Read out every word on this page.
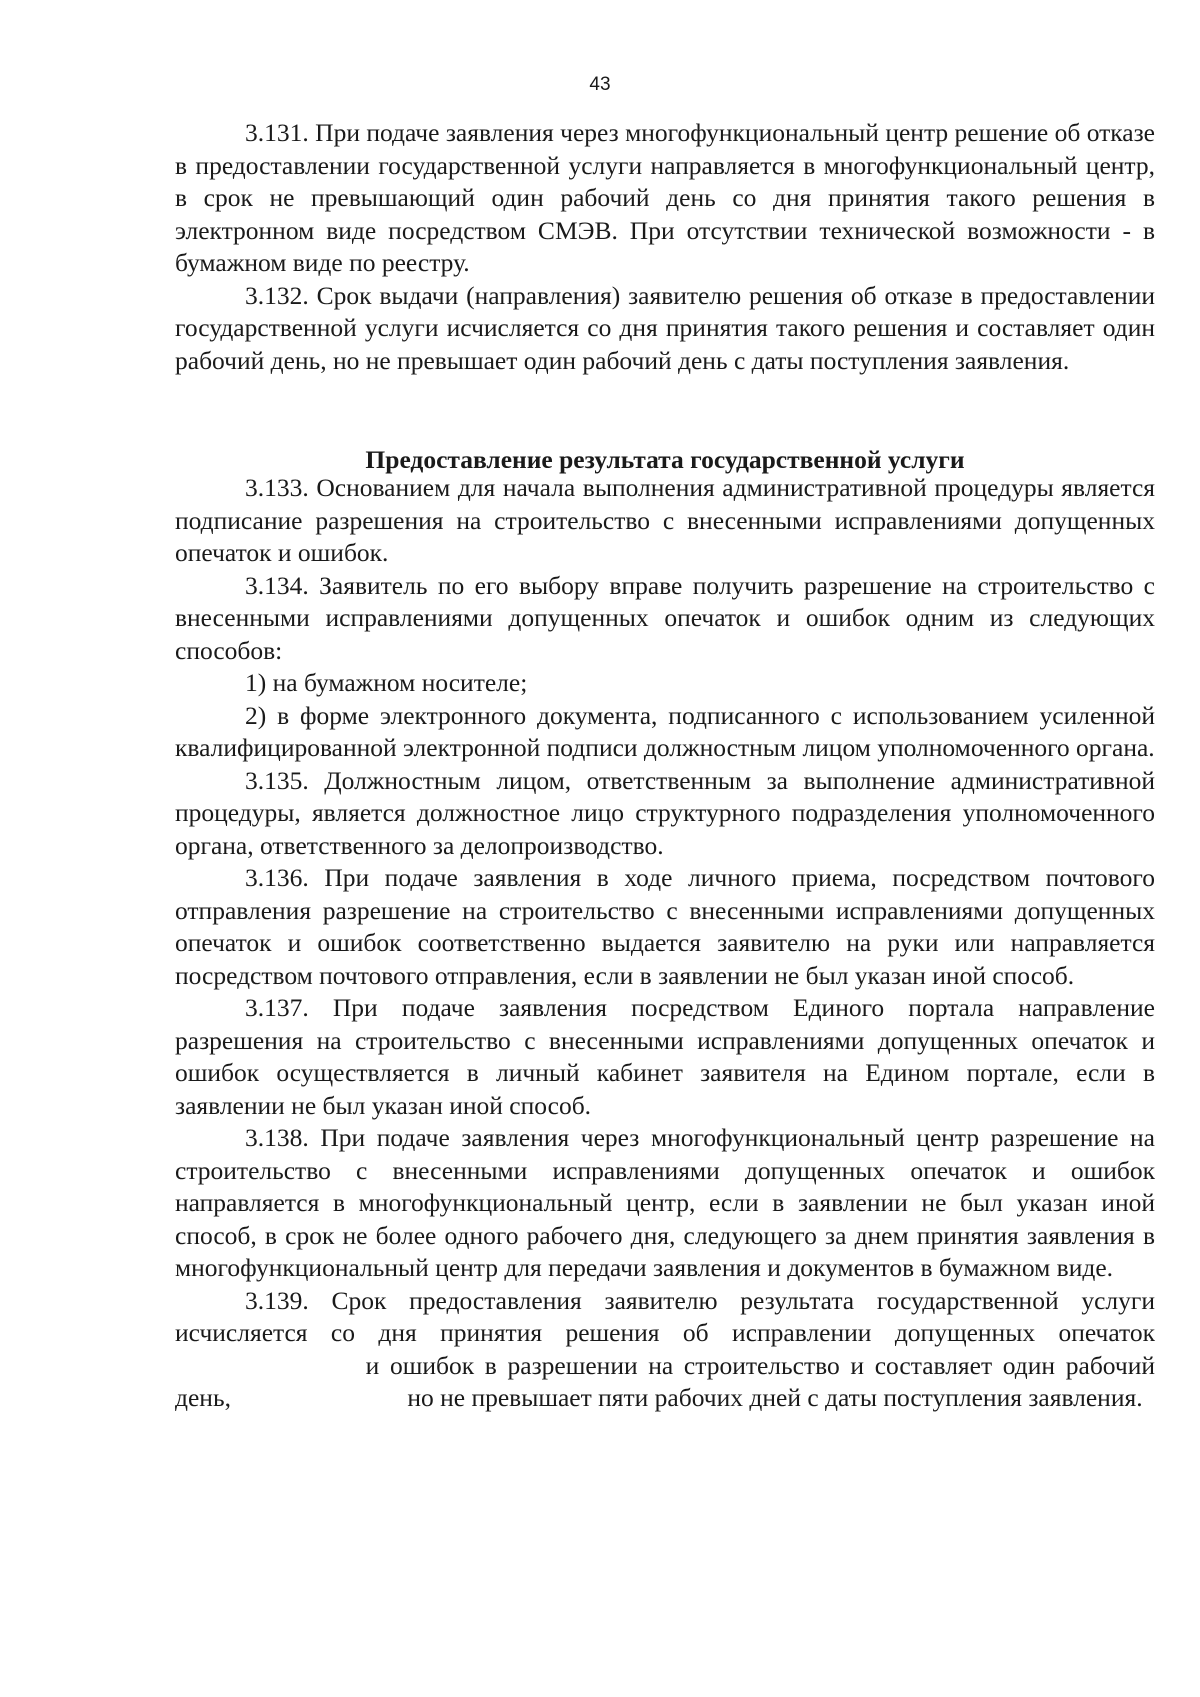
43

3.131. При подаче заявления через многофункциональный центр решение об отказе в предоставлении государственной услуги направляется в многофункциональный центр, в срок не превышающий один рабочий день со дня принятия такого решения в электронном виде посредством СМЭВ. При отсутствии технической возможности - в бумажном виде по реестру.

3.132. Срок выдачи (направления) заявителю решения об отказе в предоставлении государственной услуги исчисляется со дня принятия такого решения и составляет один рабочий день, но не превышает один рабочий день с даты поступления заявления.

Предоставление результата государственной услуги

3.133. Основанием для начала выполнения административной процедуры является подписание разрешения на строительство с внесенными исправлениями допущенных опечаток и ошибок.

3.134. Заявитель по его выбору вправе получить разрешение на строительство с внесенными исправлениями допущенных опечаток и ошибок одним из следующих способов:

1) на бумажном носителе;

2) в форме электронного документа, подписанного с использованием усиленной квалифицированной электронной подписи должностным лицом уполномоченного органа.

3.135. Должностным лицом, ответственным за выполнение административной процедуры, является должностное лицо структурного подразделения уполномоченного органа, ответственного за делопроизводство.

3.136. При подаче заявления в ходе личного приема, посредством почтового отправления разрешение на строительство с внесенными исправлениями допущенных опечаток и ошибок соответственно выдается заявителю на руки или направляется посредством почтового отправления, если в заявлении не был указан иной способ.

3.137. При подаче заявления посредством Единого портала направление разрешения на строительство с внесенными исправлениями допущенных опечаток и ошибок осуществляется в личный кабинет заявителя на Едином портале, если в заявлении не был указан иной способ.

3.138. При подаче заявления через многофункциональный центр разрешение на строительство с внесенными исправлениями допущенных опечаток и ошибок направляется в многофункциональный центр, если в заявлении не был указан иной способ, в срок не более одного рабочего дня, следующего за днем принятия заявления в многофункциональный центр для передачи заявления и документов в бумажном виде.

3.139. Срок предоставления заявителю результата государственной услуги исчисляется со дня принятия решения об исправлении допущенных опечаток и ошибок в разрешении на строительство и составляет один рабочий день,	но не превышает пяти рабочих дней с даты поступления заявления.
